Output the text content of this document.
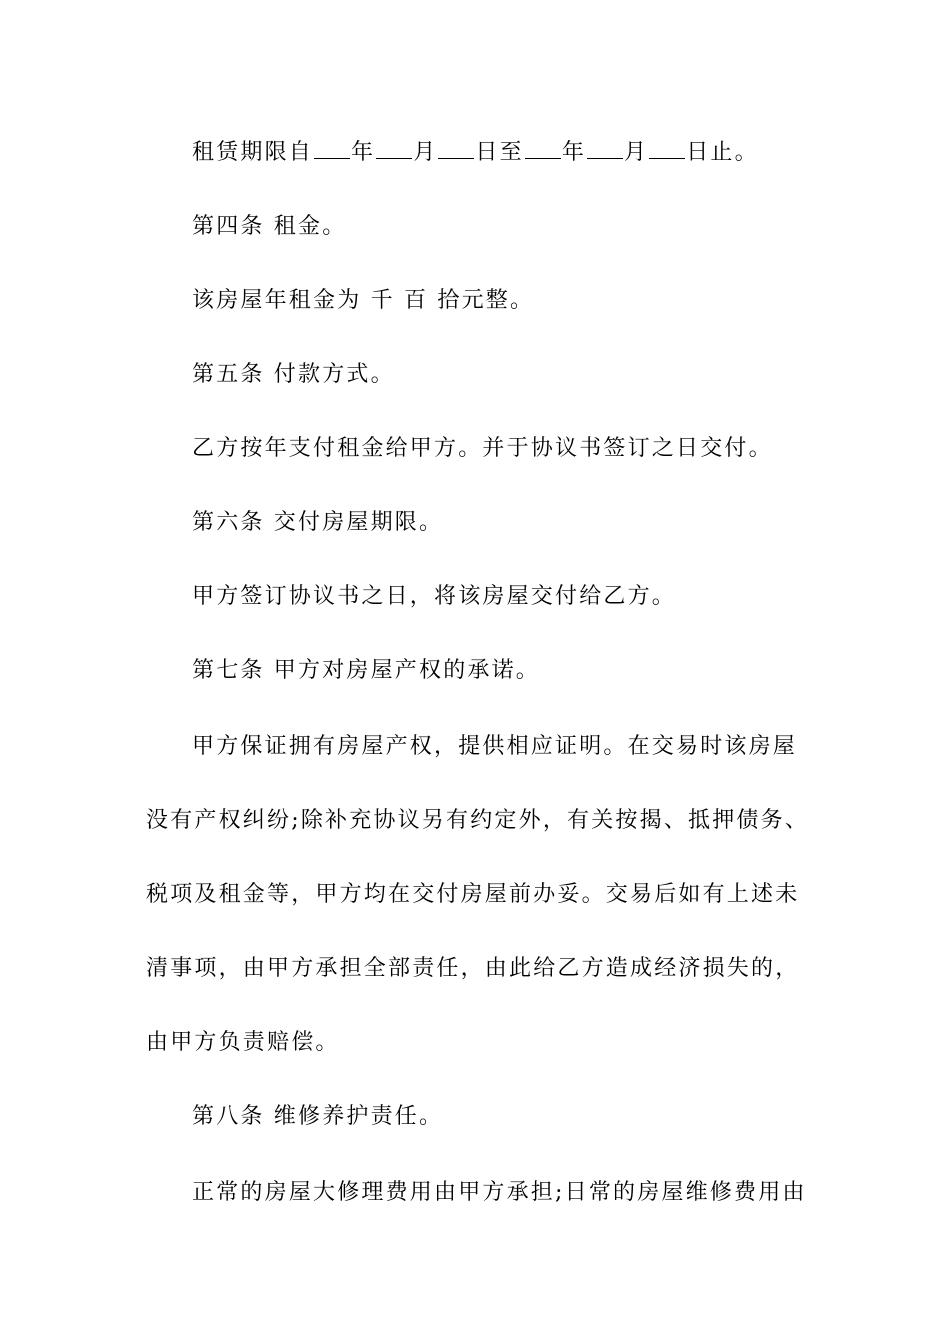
租赁期限自 年 月 日至 年 月 日止。
第四条 租金。
该房屋年租金为 千 百 拾元整。
第五条 付款方式。
乙方按年支付租金给甲方。并于协议书签订之日交付。
第六条 交付房屋期限。
甲方签订协议书之日，将该房屋交付给乙方。
第七条 甲方对房屋产权的承诺。
甲方保证拥有房屋产权，提供相应证明。在交易时该房屋
没有产权纠纷;除补充协议另有约定外，有关按揭、抵押债务、
税项及租金等，甲方均在交付房屋前办妥。交易后如有上述未
清事项，由甲方承担全部责任，由此给乙方造成经济损失的，
由甲方负责赔偿。
第八条 维修养护责任。
正常的房屋大修理费用由甲方承担;日常的房屋维修费用由
